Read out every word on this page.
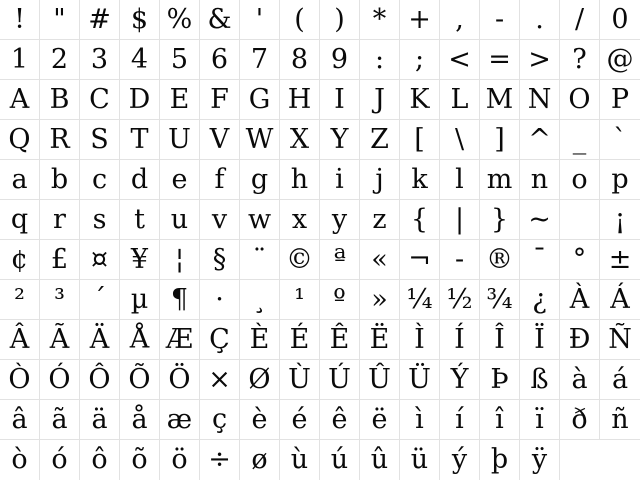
!	" # $ % & '	(	)	* + ,	-	.	/	0
1 2 3 4 5 6 7 8 9 :	; < = > ? @
A B C D E F G H I	J K L M N O P
Q R S T U V W X Y Z [	\	] ^ _	`
a b c d e	f g h i	j	k	l m n o p
q r s	t u v w x y z { | } ~	¡
¢ £ ¤ ¥ ¦	§ ¨ © ª « ¬ - ® ¯ ° ±
²	³	´ µ ¶	·	¸	¹	º » ¼ ½ ¾ ¿ À Á
Â Ã Ä Å Æ Ç È É Ê Ë Ì	Í	Î	Ï Ð Ñ
Ò Ó Ô Õ Ö × Ø Ù Ú Û Ü Ý Þ ß à á
â ã ä å æ ç è é ê ë	ì	í	î	ï	ð ñ
ò ó ô õ ö ÷ ø ù ú û ü ý þ ÿ
